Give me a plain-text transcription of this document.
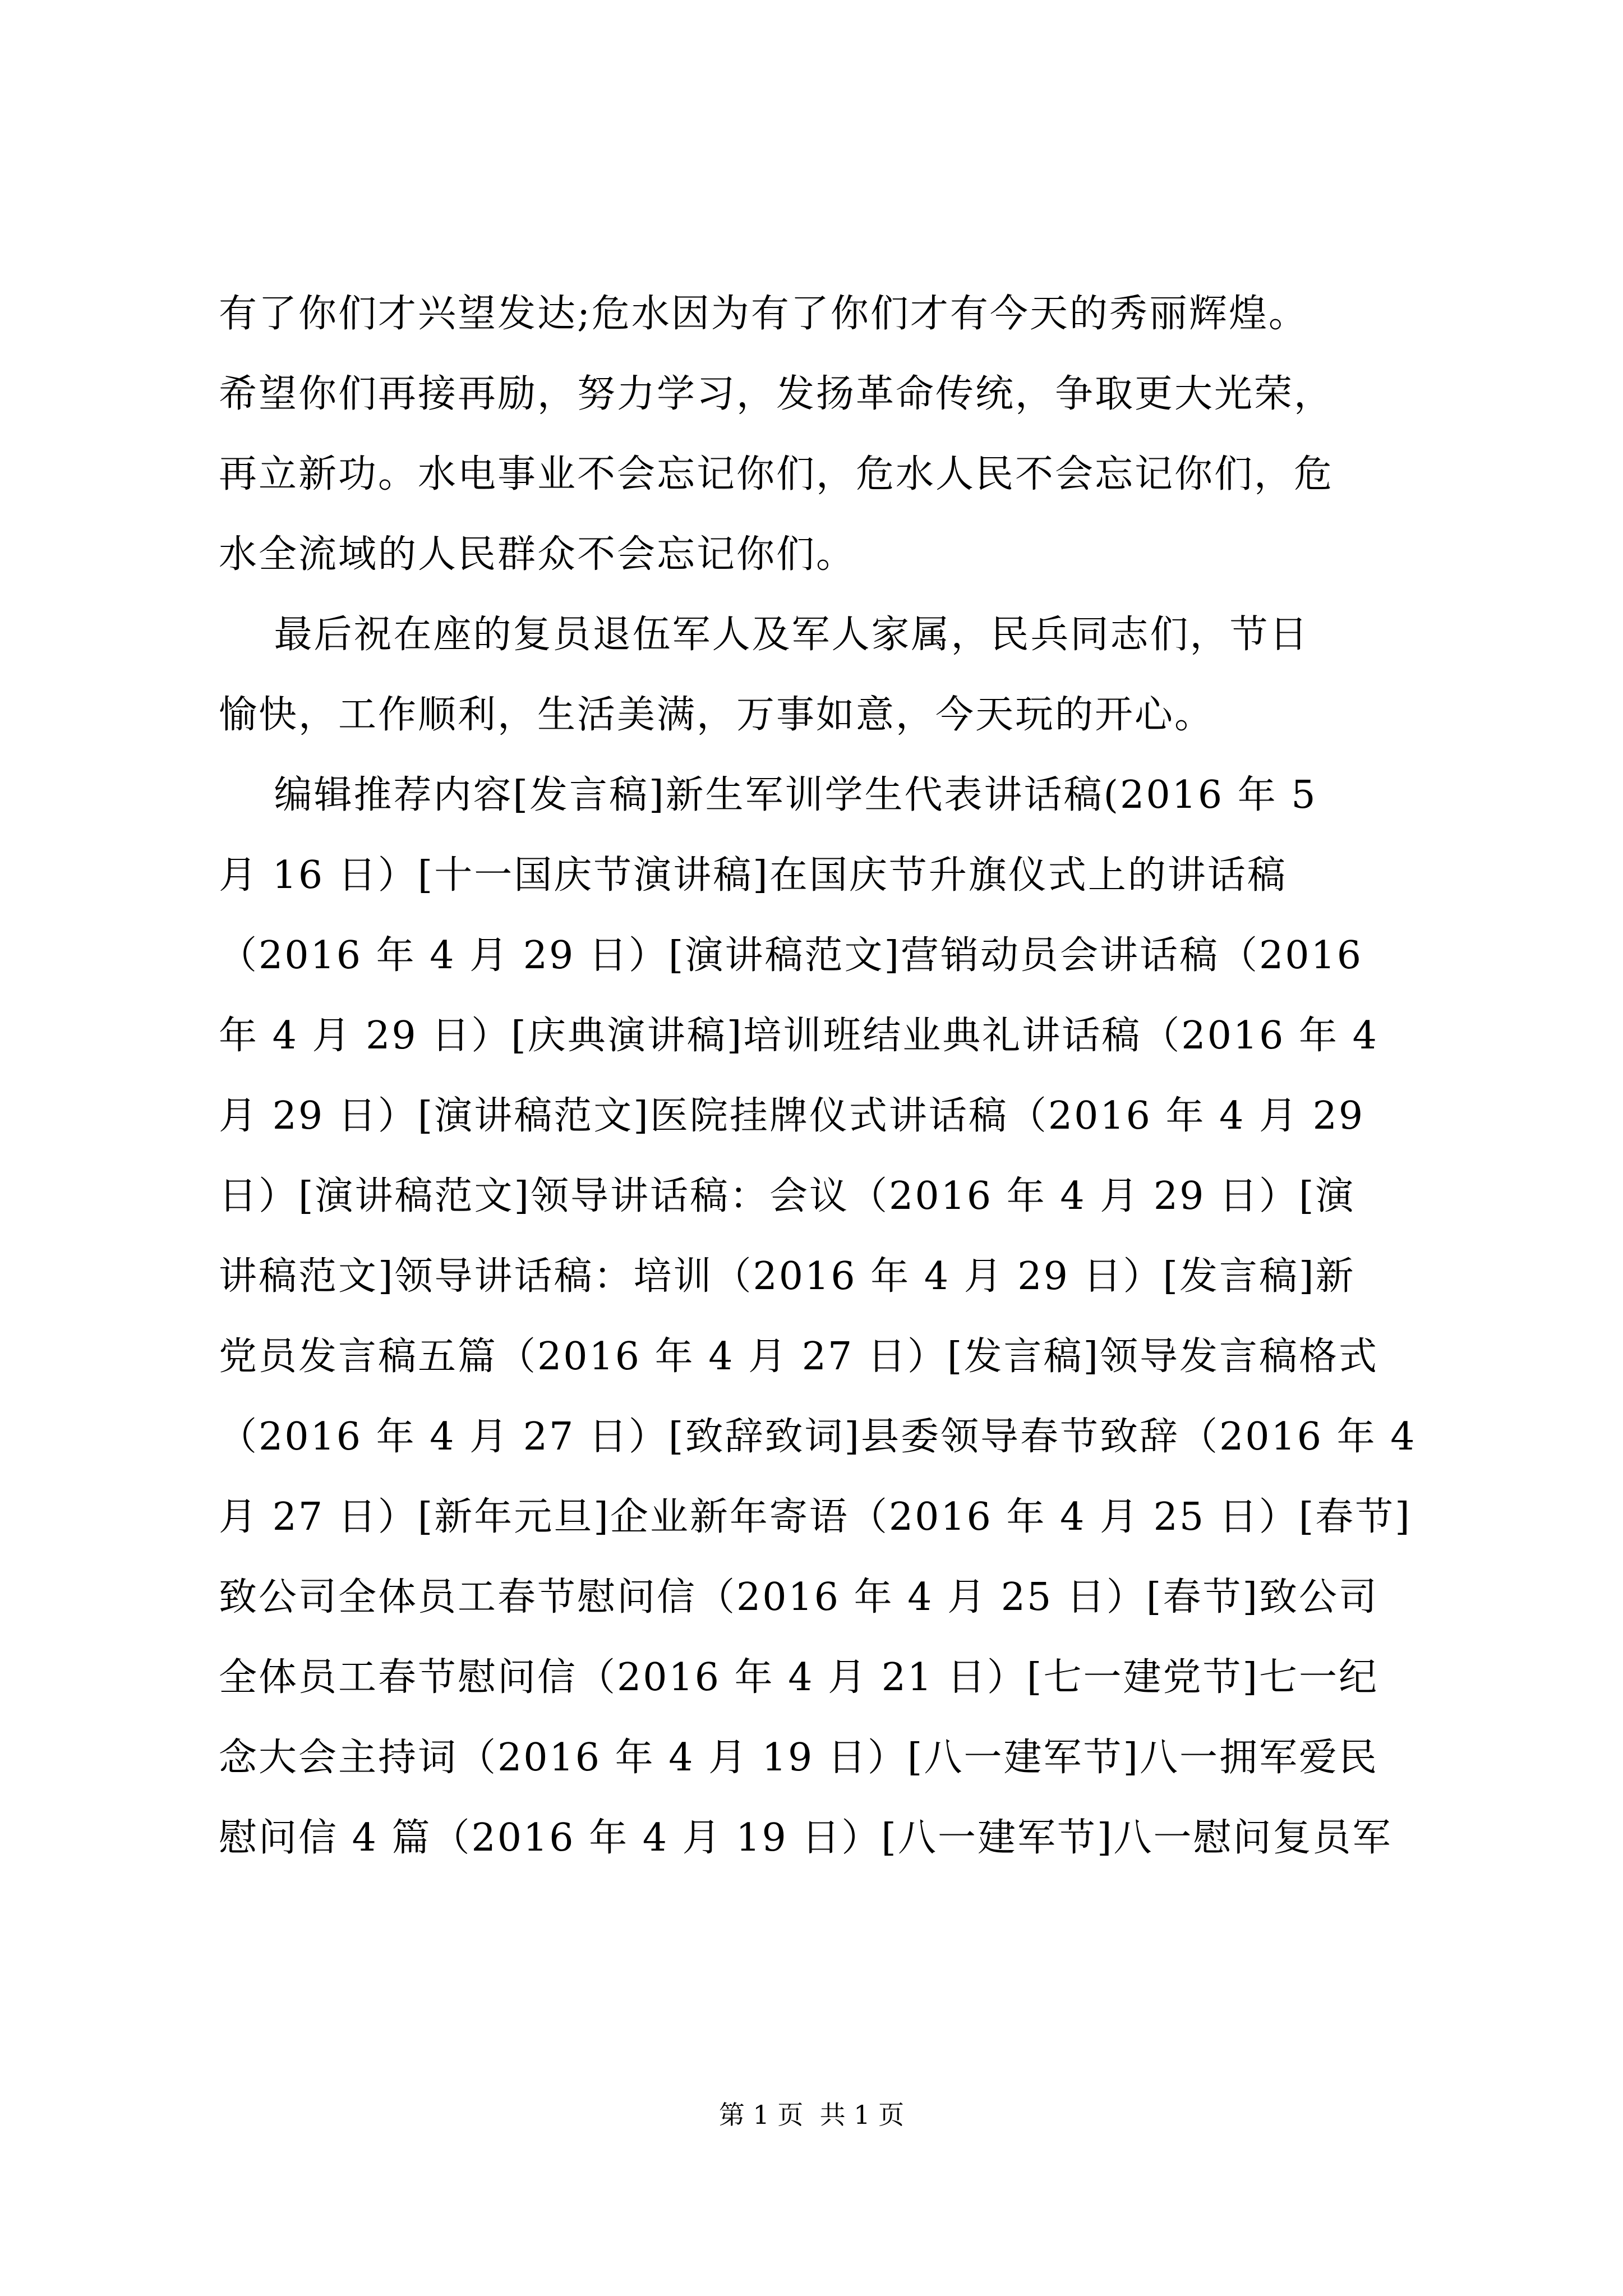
有了你们才兴望发达;危水因为有了你们才有今天的秀丽辉煌。
希望你们再接再励，努力学习，发扬革命传统，争取更大光荣，
再立新功。水电事业不会忘记你们，危水人民不会忘记你们，危
水全流域的人民群众不会忘记你们。
最后祝在座的复员退伍军人及军人家属，民兵同志们，节日
愉快，工作顺利，生活美满，万事如意，今天玩的开心。
编辑推荐内容[发言稿]新生军训学生代表讲话稿(2016 年 5
月 16 日）[十一国庆节演讲稿]在国庆节升旗仪式上的讲话稿
（2016 年 4 月 29 日）[演讲稿范文]营销动员会讲话稿（2016
年 4 月 29 日）[庆典演讲稿]培训班结业典礼讲话稿（2016 年 4
月 29 日）[演讲稿范文]医院挂牌仪式讲话稿（2016 年 4 月 29
日）[演讲稿范文]领导讲话稿：会议（2016 年 4 月 29 日）[演
讲稿范文]领导讲话稿：培训（2016 年 4 月 29 日）[发言稿]新
党员发言稿五篇（2016 年 4 月 27 日）[发言稿]领导发言稿格式
（2016 年 4 月 27 日）[致辞致词]县委领导春节致辞（2016 年 4
月 27 日）[新年元旦]企业新年寄语（2016 年 4 月 25 日）[春节]
致公司全体员工春节慰问信（2016 年 4 月 25 日）[春节]致公司
全体员工春节慰问信（2016 年 4 月 21 日）[七一建党节]七一纪
念大会主持词（2016 年 4 月 19 日）[八一建军节]八一拥军爱民
慰问信 4 篇（2016 年 4 月 19 日）[八一建军节]八一慰问复员军
第 1 页  共 1 页
